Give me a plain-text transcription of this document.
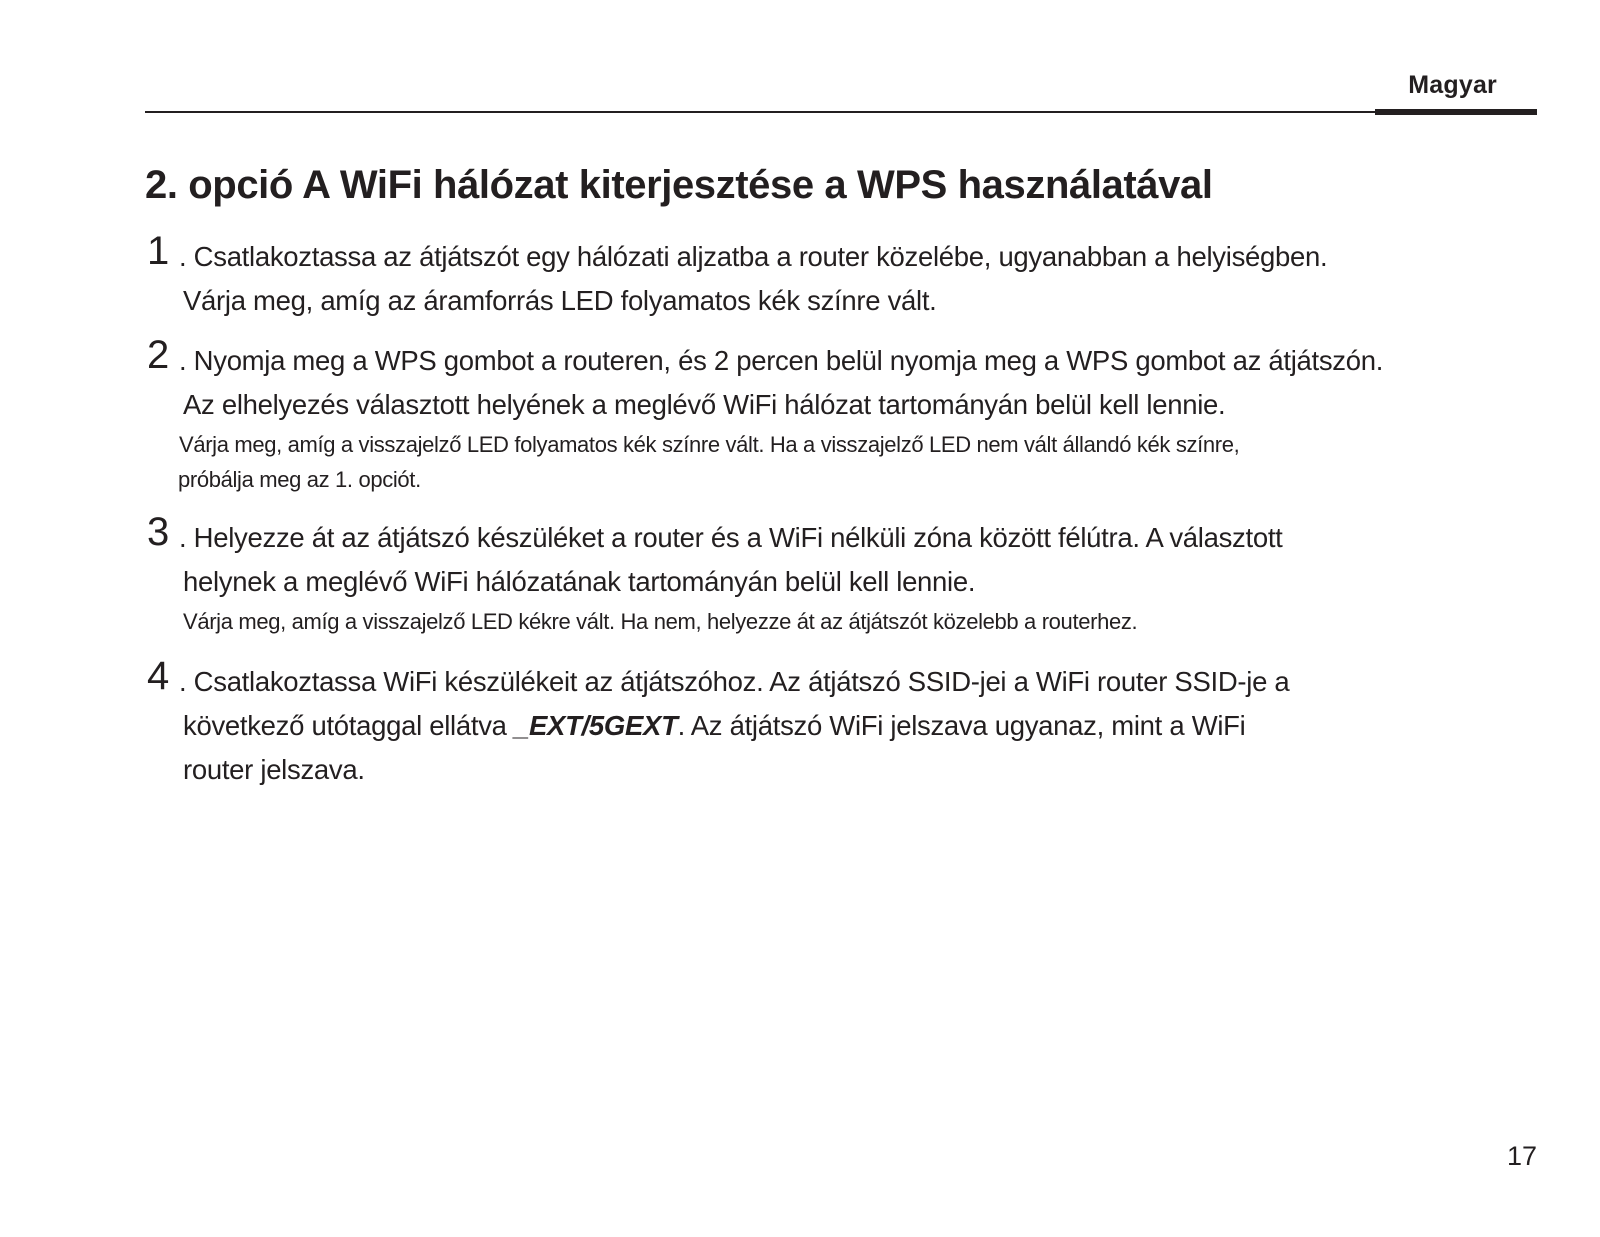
Magyar
2. opció A WiFi hálózat kiterjesztése a WPS használatával
1 . Csatlakoztassa az átjátszót egy hálózati aljzatba a router közelébe, ugyanabban a helyiségben.
Várja meg, amíg az áramforrás LED folyamatos kék színre vált.
2 . Nyomja meg a WPS gombot a routeren, és 2 percen belül nyomja meg a WPS gombot az átjátszón.
Az elhelyezés választott helyének a meglévő WiFi hálózat tartományán belül kell lennie.
Várja meg, amíg a visszajelző LED folyamatos kék színre vált. Ha a visszajelző LED nem vált állandó kék színre,
próbálja meg az 1. opciót.
3 . Helyezze át az átjátszó készüléket a router és a WiFi nélküli zóna között félútra. A választott
helynek a meglévő WiFi hálózatának tartományán belül kell lennie.
Várja meg, amíg a visszajelző LED kékre vált. Ha nem, helyezze át az átjátszót közelebb a routerhez.
4 . Csatlakoztassa WiFi készülékeit az átjátszóhoz. Az átjátszó SSID-jei a WiFi router SSID-je a
következő utótaggal ellátva _EXT/5GEXT. Az átjátszó WiFi jelszava ugyanaz, mint a WiFi
router jelszava.
17
